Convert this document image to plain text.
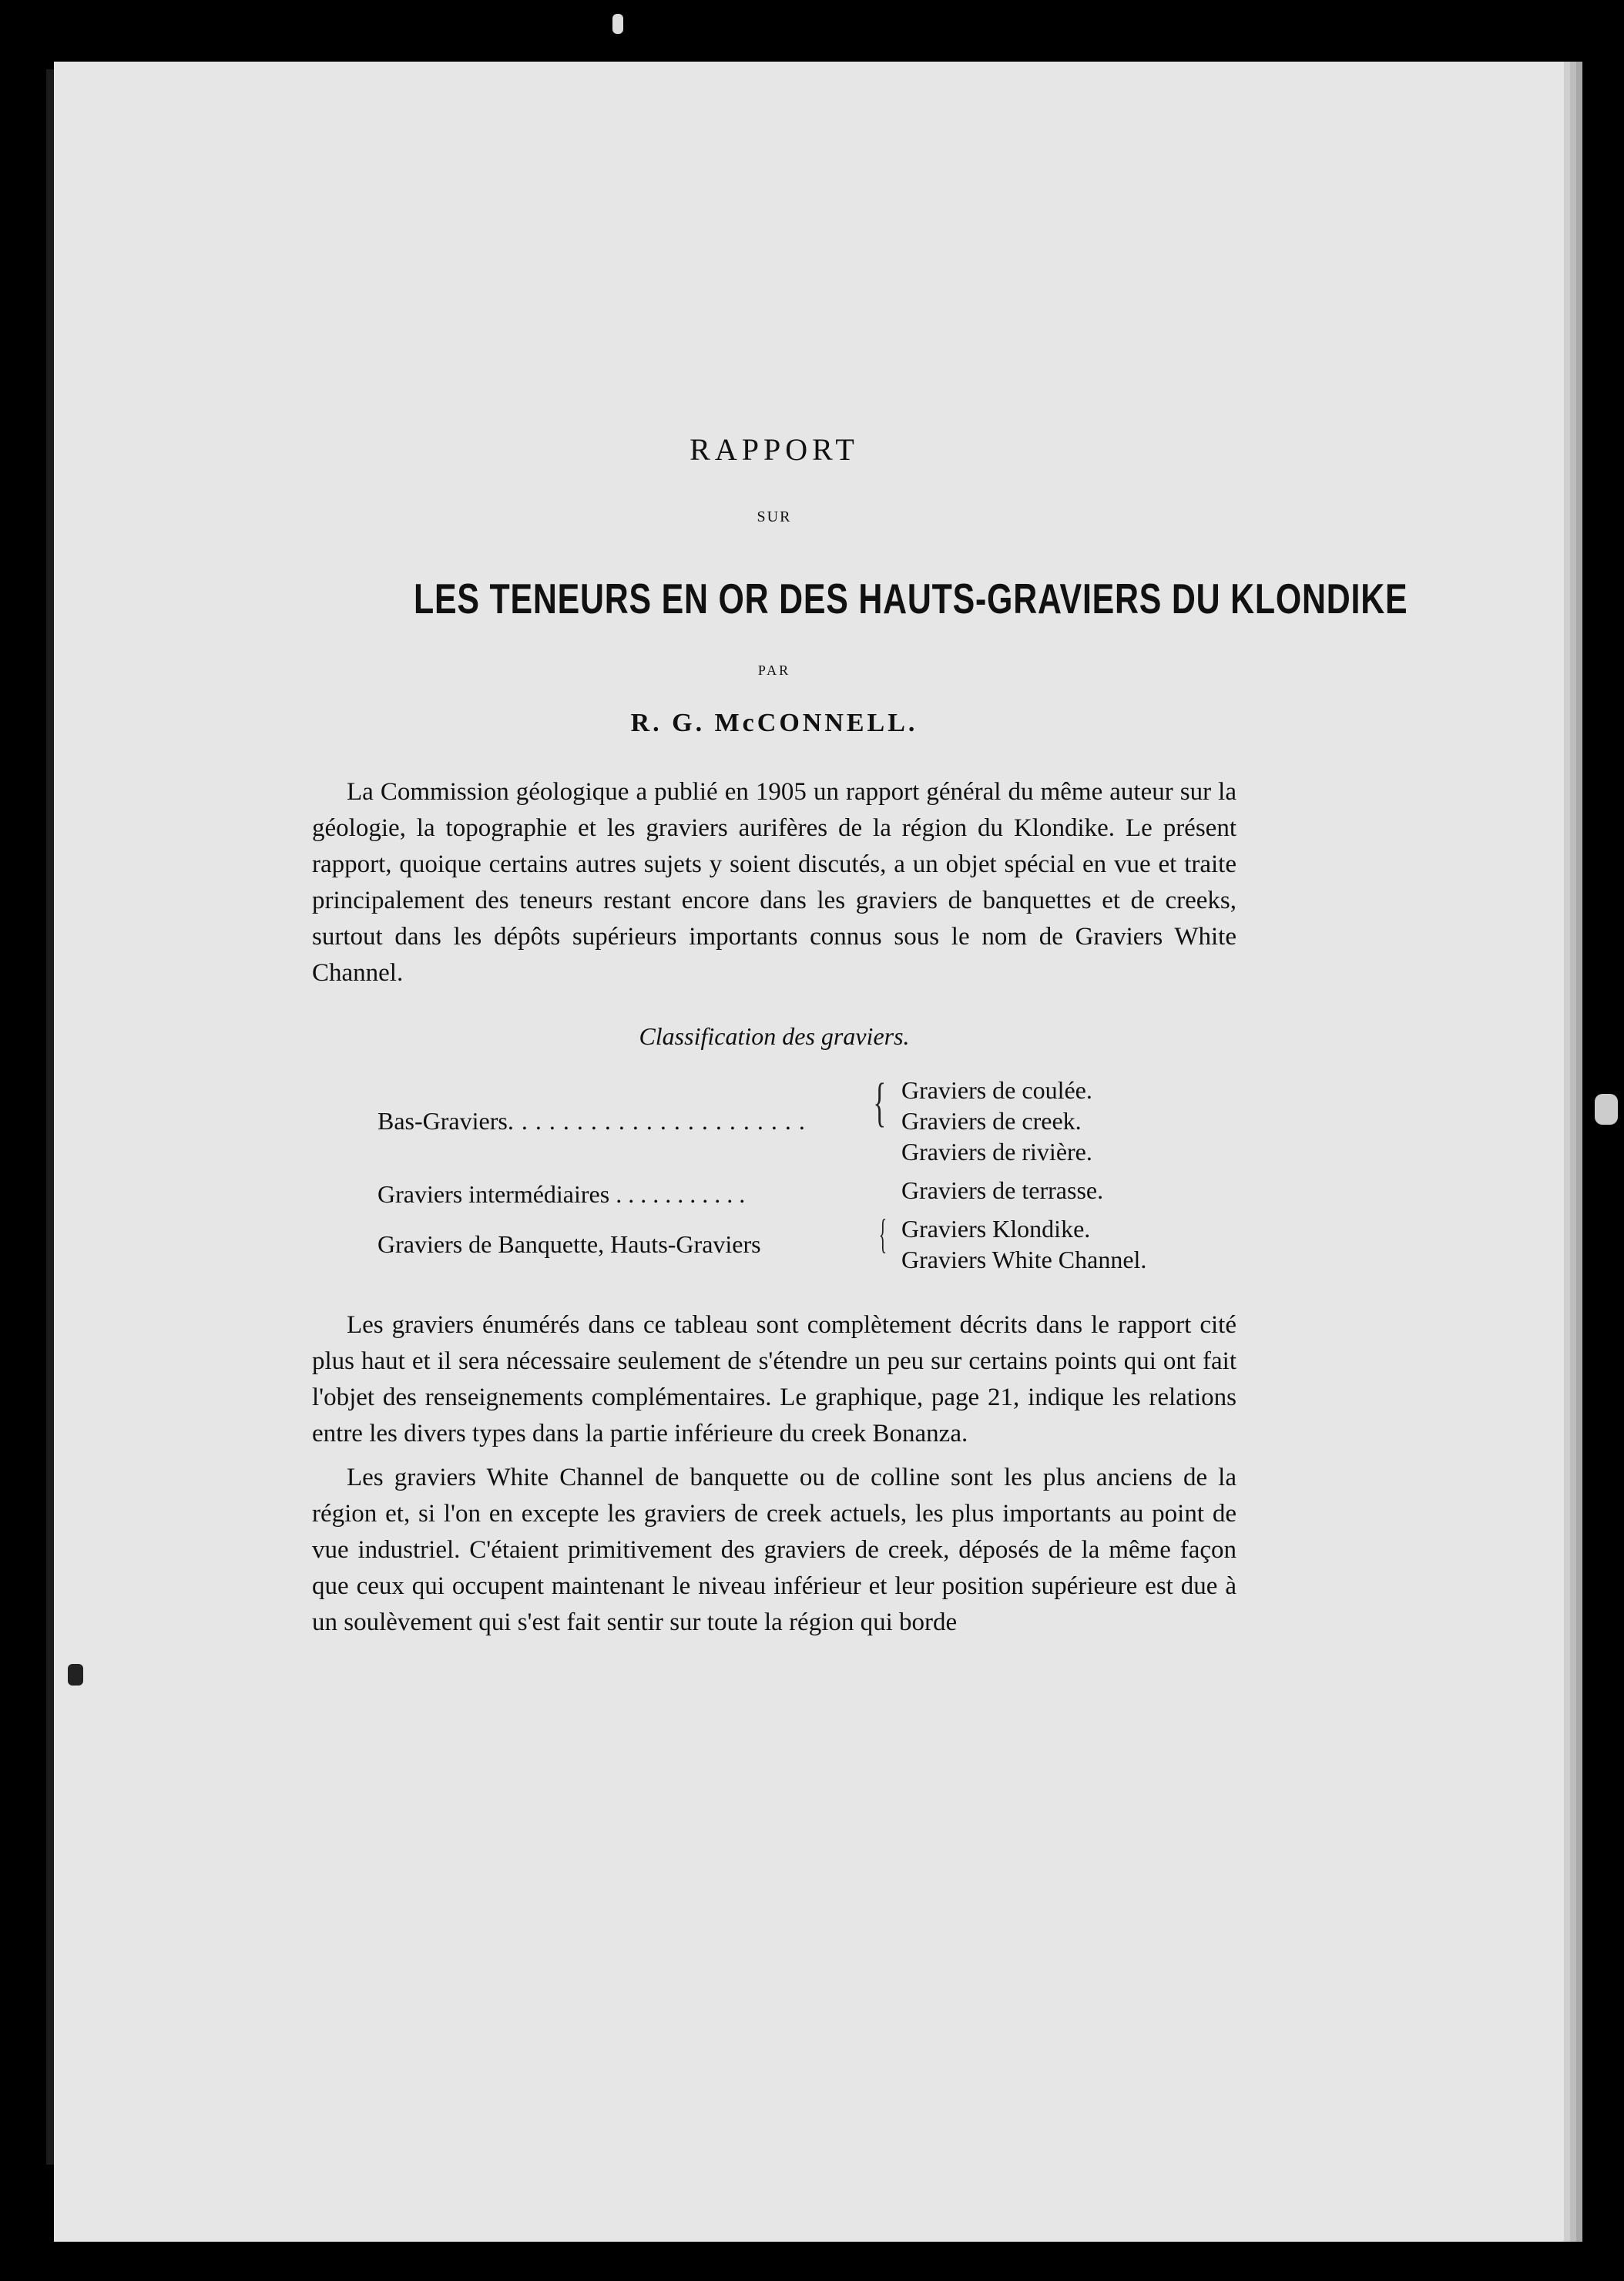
RAPPORT
SUR
LES TENEURS EN OR DES HAUTS-GRAVIERS DU KLONDIKE
PAR
R. G. McCONNELL.

La Commission géologique a publié en 1905 un rapport général du même auteur sur la géologie, la topographie et les graviers aurifères de la région du Klondike. Le présent rapport, quoique certains autres sujets y soient discutés, a un objet spécial en vue et traite principalement des teneurs restant encore dans les graviers de banquettes et de creeks, surtout dans les dépôts supérieurs importants connus sous le nom de Graviers White Channel.

Classification des graviers.
Bas-Graviers. . . . . . . . . . . . . . . . . . . . . . { Graviers de coulée.
Graviers de creek.
Graviers de rivière.
Graviers intermédiaires . . . . . . . . . . .	Graviers de terrasse.
Graviers de Banquette, Hauts-Graviers	{ Graviers Klondike.
Graviers White Channel.

Les graviers énumérés dans ce tableau sont complètement décrits dans le rapport cité plus haut et il sera nécessaire seulement de s'étendre un peu sur certains points qui ont fait l'objet des renseignements complémentaires. Le graphique, page 21, indique les relations entre les divers types dans la partie inférieure du creek Bonanza.

Les graviers White Channel de banquette ou de colline sont les plus anciens de la région et, si l'on en excepte les graviers de creek actuels, les plus importants au point de vue industriel. C'étaient primitivement des graviers de creek, déposés de la même façon que ceux qui occupent maintenant le niveau inférieur et leur position supérieure est due à un soulèvement qui s'est fait sentir sur toute la région qui borde
